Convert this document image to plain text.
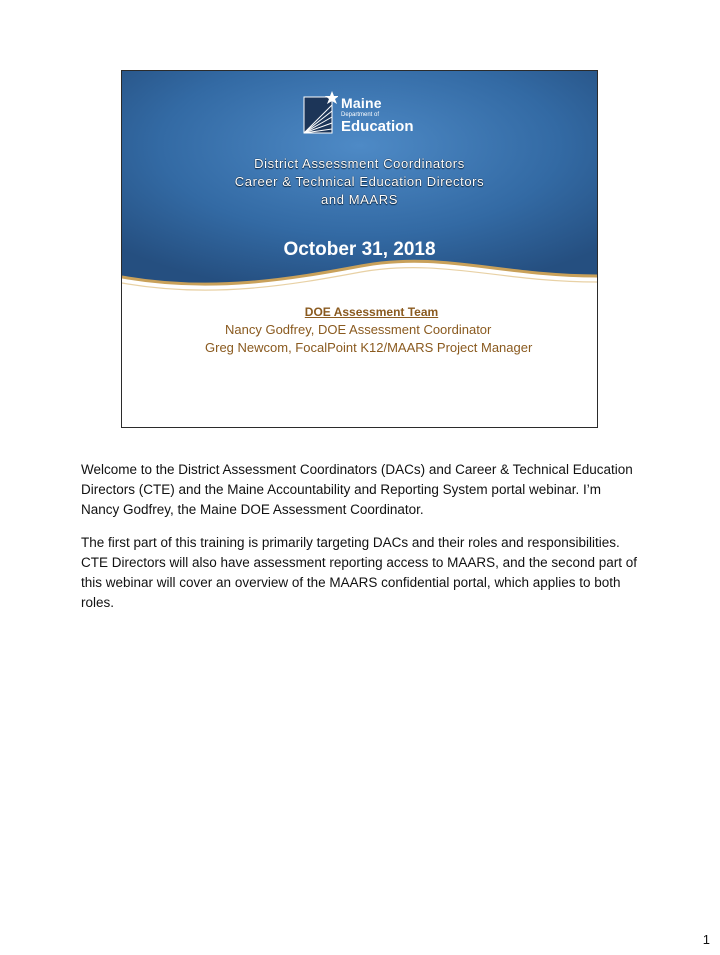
Maine
Department of
Education
District Assessment Coordinators
Career & Technical Education Directors
and MAARS
October 31, 2018
DOE Assessment Team
Nancy Godfrey, DOE Assessment Coordinator
Greg Newcom, FocalPoint K12/MAARS Project Manager

Welcome to the District Assessment Coordinators (DACs) and Career & Technical Education Directors (CTE) and the Maine Accountability and Reporting System portal webinar. I’m Nancy Godfrey, the Maine DOE Assessment Coordinator.

The first part of this training is primarily targeting DACs and their roles and responsibilities. CTE Directors will also have assessment reporting access to MAARS, and the second part of this webinar will cover an overview of the MAARS confidential portal, which applies to both roles.

1
